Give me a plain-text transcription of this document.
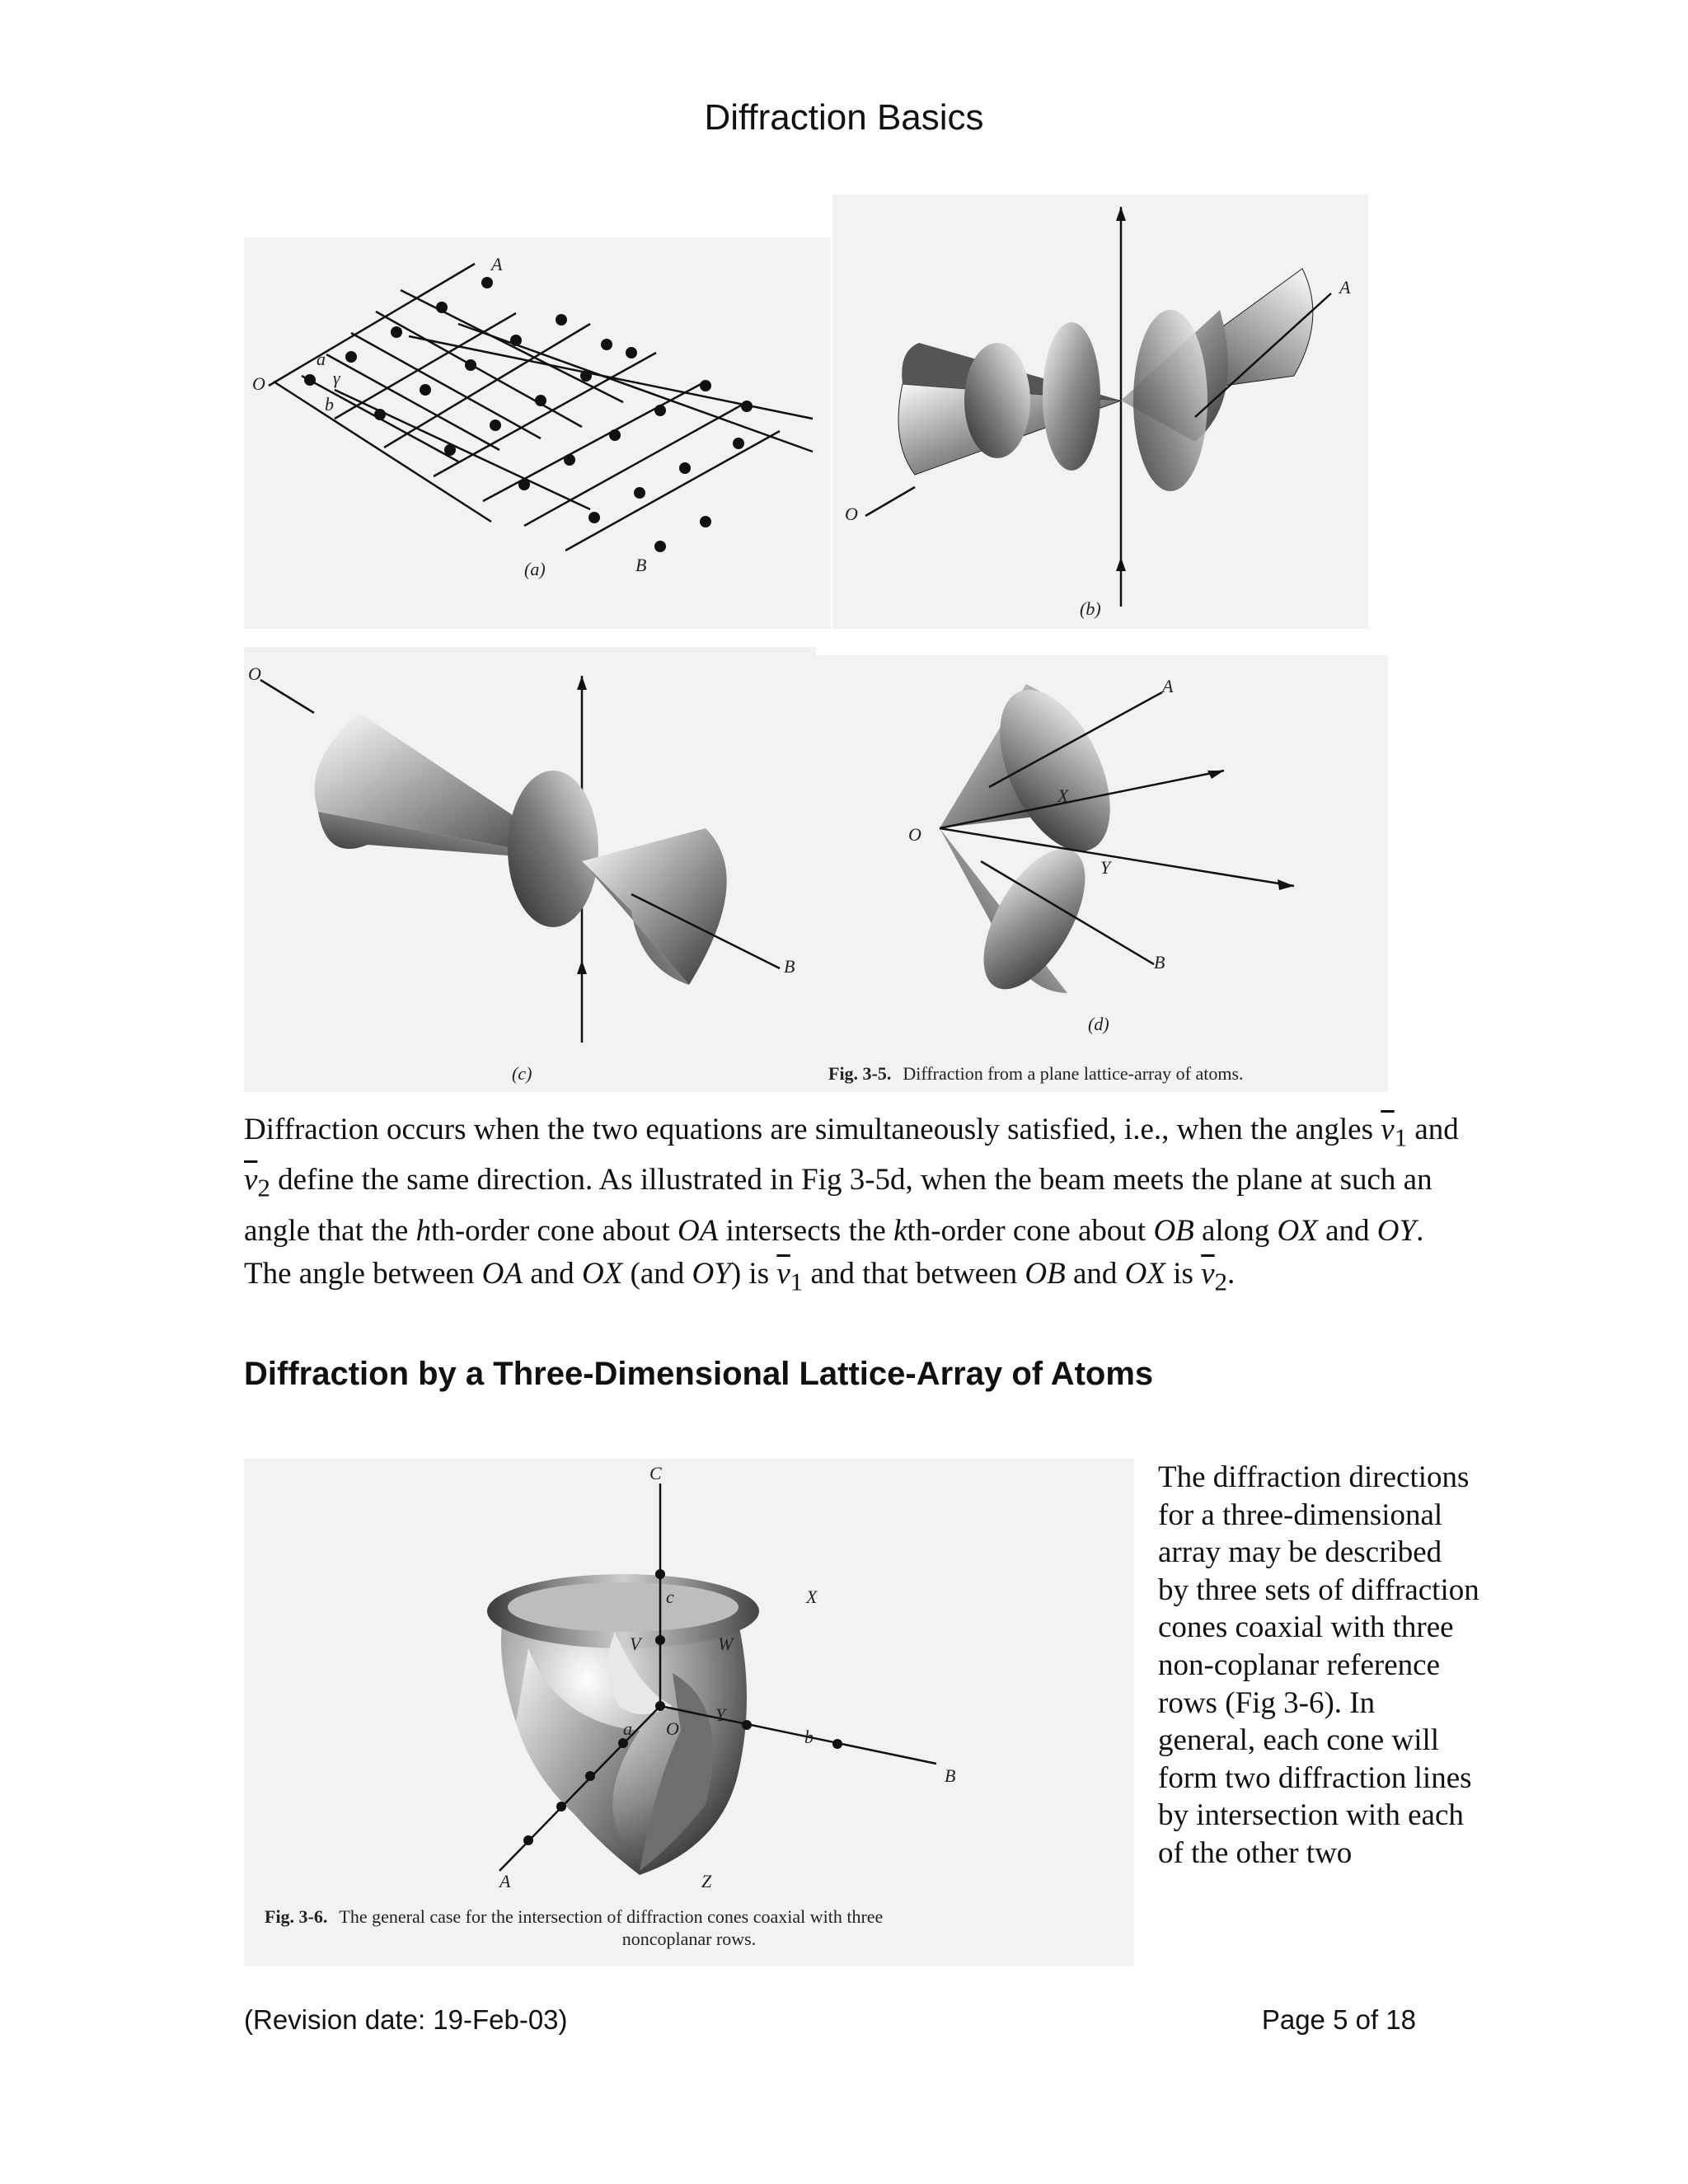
Diffraction Basics
O
A
B
a
b
γ
(a)
O
A
(b)
O
B
(c)
O
A
B
X
Y
(d)
Fig. 3-5. Diffraction from a plane lattice-array of atoms.
Diffraction occurs when the two equations are simultaneously satisfied, i.e., when the angles $\overline{\nu}_1$ and $\overline{\nu}_2$ define the same direction. As illustrated in Fig 3-5d, when the beam meets the plane at such an angle that the hth-order cone about OA intersects the kth-order cone about OB along OX and OY. The angle between OA and OX (and OY) is $\overline{\nu}_1$ and that between OB and OX is $\overline{\nu}_2$.
Diffraction by a Three-Dimensional Lattice-Array of Atoms
C
c	X
V	W
O
Y
a	b
B
A	Z
Fig. 3-6. The general case for the intersection of diffraction cones coaxial with three
noncoplanar rows.
The diffraction directions for a three-dimensional array may be described by three sets of diffraction cones coaxial with three non-coplanar reference rows (Fig 3-6). In general, each cone will form two diffraction lines by intersection with each of the other two
(Revision date: 19-Feb-03)	Page 5 of 18
